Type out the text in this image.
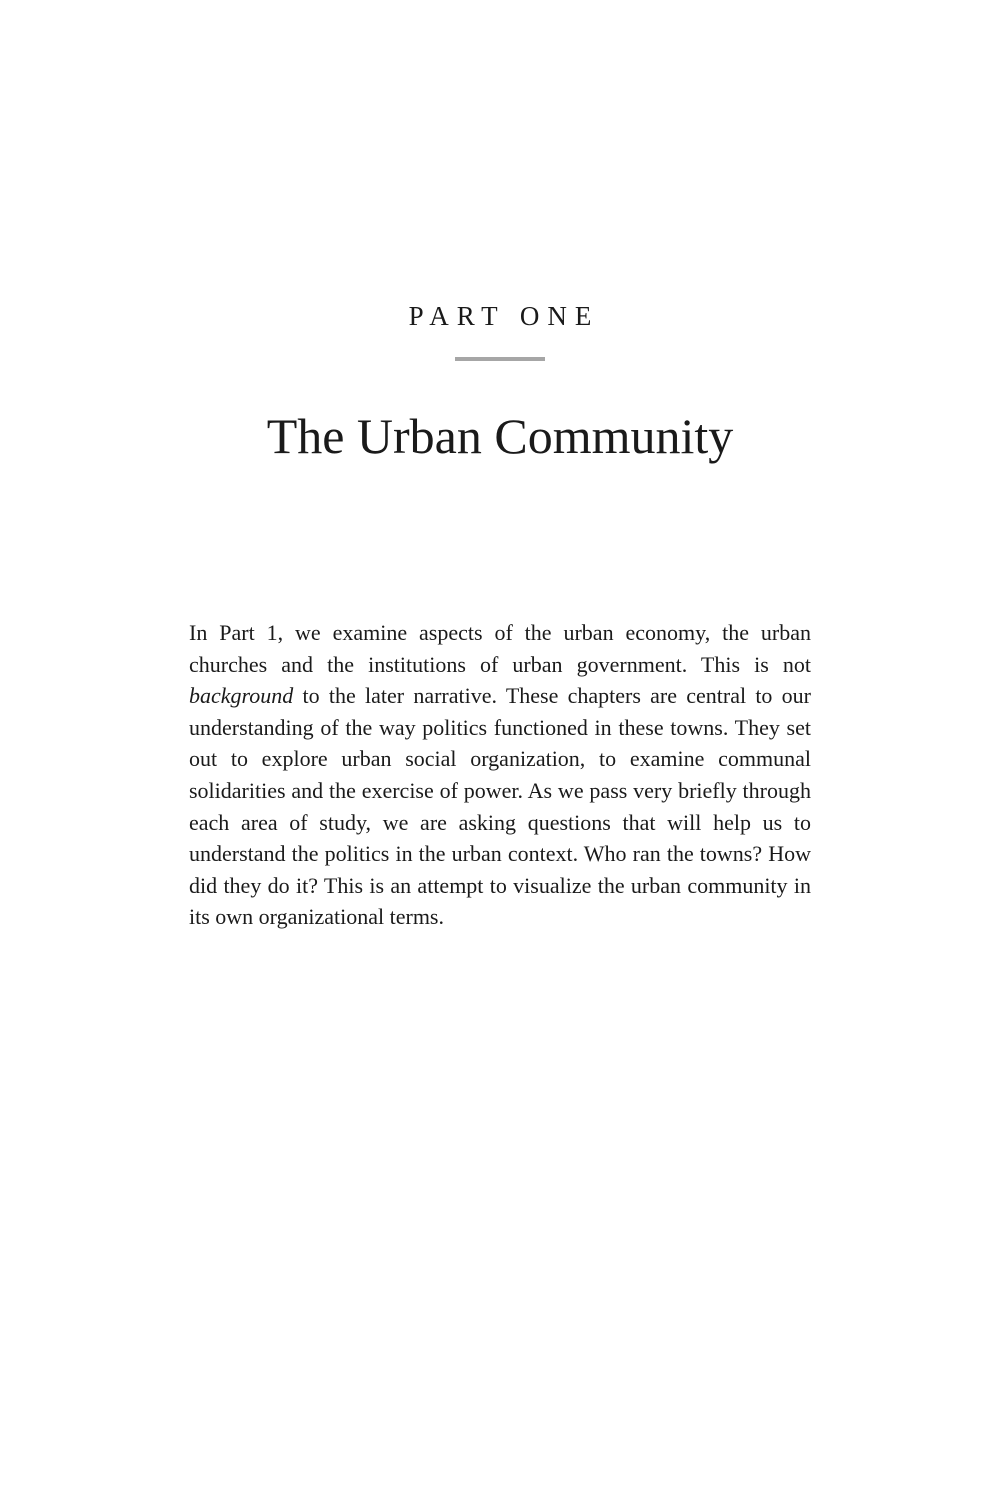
PART ONE
The Urban Community

In Part 1, we examine aspects of the urban economy, the urban churches and the institutions of urban government. This is not background to the later narrative. These chapters are central to our understanding of the way politics functioned in these towns. They set out to explore urban social organization, to examine communal solidarities and the exercise of power. As we pass very briefly through each area of study, we are asking questions that will help us to understand the politics in the urban context. Who ran the towns? How did they do it? This is an attempt to visualize the urban community in its own organizational terms.
